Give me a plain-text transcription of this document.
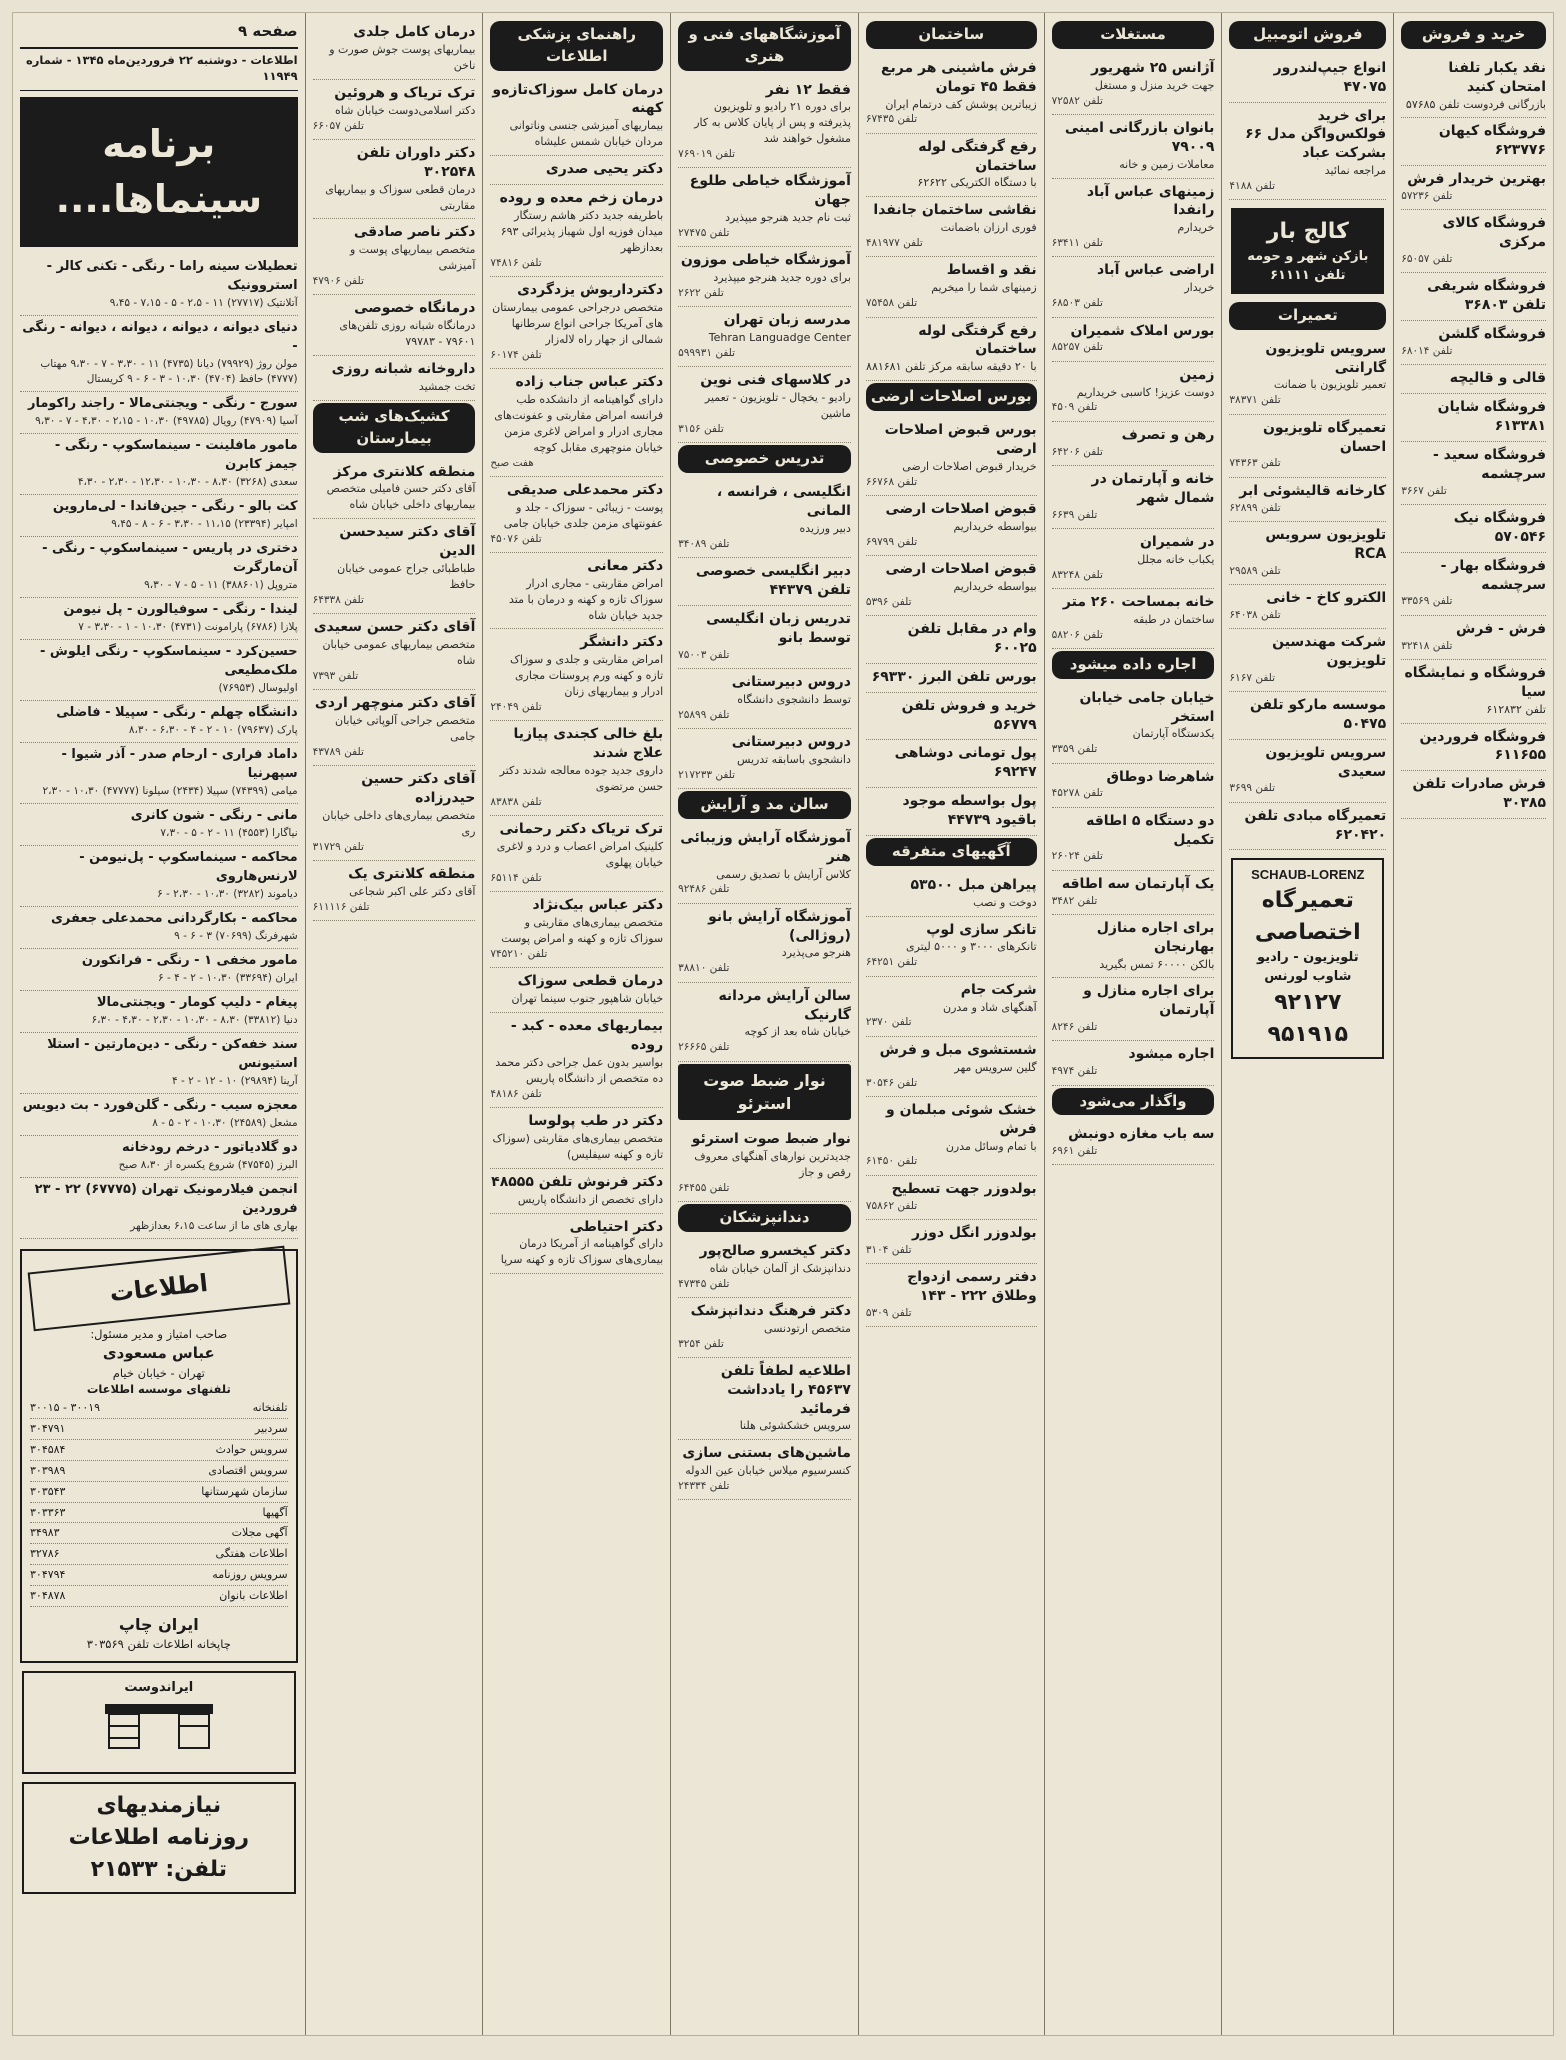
خرید و فروش
نقد یکبار تلفنا امتحان کنید
بازرگانی فردوست تلفن ۵۷۶۸۵
فروشگاه کیهان ۶۲۳۷۷۶
بهترین خریدار فرش
تلفن ۵۷۲۳۶
فروشگاه کالای مرکزی
تلفن ۶۵۰۵۷
فروشگاه شریفی تلفن ۳۶۸۰۳
فروشگاه گلشن
تلفن ۶۸۰۱۴
قالی و قالیچه
فروشگاه شایان ۶۱۳۳۸۱
فروشگاه سعید - سرچشمه
تلفن ۳۶۶۷
فروشگاه نیک ۵۷۰۵۴۶
فروشگاه بهار - سرچشمه
تلفن ۳۳۵۶۹
فرش - فرش
تلفن ۳۲۴۱۸
فروشگاه و نمایشگاه سیا
تلفن ۶۱۲۸۳۲
فروشگاه فروردین ۶۱۱۶۵۵
فرش صادرات تلفن ۳۰۳۸۵
فروش اتومبیل
انواع جیپ‌لندرور ۴۷۰۷۵
برای خرید فولکس‌واگن مدل ۶۶ بشرکت عباد
مراجعه نمائید
تلفن ۴۱۸۸
کالج بار
بازکن شهر و حومه
تلفن ۶۱۱۱۱
تعمیرات
سرویس تلویزیون گارانتی
تعمیر تلویزیون با ضمانت
تلفن ۳۸۳۷۱
تعمیرگاه تلویزیون احسان
تلفن ۷۴۳۶۳
کارخانه قالیشوئی ابر
تلفن ۶۲۸۹۹
تلویزیون سرویس RCA
تلفن ۲۹۵۸۹
الکترو کاخ - خانی
تلفن ۶۴۰۳۸
شرکت مهندسین تلویزیون
تلفن ۶۱۶۷
موسسه مارکو تلفن ۵۰۴۷۵
سرویس تلویزیون سعیدی
تلفن ۳۶۹۹
تعمیرگاه مبادی تلفن ۶۲۰۴۲۰
SCHAUB-LORENZ
تعمیرگاه اختصاصی
تلویزیون - رادیو
شاوب لورنس
۹۲۱۲۷
۹۵۱۹۱۵
مستغلات
آژانس ۲۵ شهریور
جهت خرید منزل و مستغل
تلفن ۷۲۵۸۲
بانوان بازرگانی امینی ۷۹۰۰۹
معاملات زمین و خانه
زمینهای عباس آباد رانفدا
خریدارم
تلفن ۶۳۴۱۱
اراضی عباس آباد
خریدار
تلفن ۶۸۵۰۳
بورس املاک شمیران
تلفن ۸۵۲۵۷
زمین
دوست عزیز! کاسبی خریداریم
تلفن ۴۵۰۹
رهن و تصرف
تلفن ۶۴۲۰۶
خانه و آپارتمان در شمال شهر
تلفن ۶۶۳۹
در شمیران
یکباب خانه مجلل
تلفن ۸۳۲۴۸
خانه بمساحت ۲۶۰ متر
ساختمان در طبقه
تلفن ۵۸۲۰۶
اجاره داده میشود
خیابان جامی خیابان استخر
یکدستگاه آپارتمان
تلفن ۳۳۵۹
شاهرضا دوطاق
تلفن ۴۵۲۷۸
دو دستگاه ۵ اطاقه تکمیل
تلفن ۲۶۰۲۴
یک آپارتمان سه اطاقه
تلفن ۳۴۸۲
برای اجاره منازل بهارنجان
بالکن ۶۰۰۰۰ تمس بگیرید
برای اجاره منازل و آپارتمان
تلفن ۸۲۴۶
اجاره میشود
تلفن ۴۹۷۴
واگذار می‌شود
سه باب مغازه دونبش
تلفن ۶۹۶۱
ساختمان
فرش ماشینی هر مربع فقط ۴۵ تومان
زیباترین پوشش کف درتمام ایران
تلفن ۶۷۴۳۵
رفع گرفتگی لوله ساختمان
با دستگاه الکتریکی ۶۲۶۲۲
نقاشی ساختمان جانفدا
فوری ارزان باضمانت
تلفن ۴۸۱۹۷۷
نقد و اقساط
زمینهای شما را میخریم
تلفن ۷۵۴۵۸
رفع گرفتگی لوله ساختمان
با ۲۰ دقیقه سابقه مرکز تلفن ۸۸۱۶۸۱
بورس اصلاحات ارضی
بورس قبوض اصلاحات ارضی
خریدار قبوض اصلاحات ارضی
تلفن ۶۶۷۶۸
قبوض اصلاحات ارضی
بیواسطه خریداریم
تلفن ۶۹۷۹۹
قبوض اصلاحات ارضی
بیواسطه خریداریم
تلفن ۵۳۹۶
وام در مقابل تلفن ۶۰۰۲۵
بورس تلفن البرز ۶۹۳۳۰
خرید و فروش تلفن ۵۶۷۷۹
پول تومانی دوشاهی ۶۹۲۴۷
پول بواسطه موجود باقیود ۴۴۷۳۹
آگهیهای متفرقه
پیراهن مبل ۵۳۵۰۰
دوخت و نصب
تانکر سازی لوپ
تانکرهای ۳۰۰۰ و ۵۰۰۰ لیتری
تلفن ۶۴۲۵۱
شرکت جام
آهنگهای شاد و مدرن
تلفن ۲۳۷۰
شستشوی مبل و فرش
گلین سرویس مهر
تلفن ۳۰۵۴۶
خشک شوئی مبلمان و فرش
با تمام وسائل مدرن
تلفن ۶۱۴۵۰
بولدوزر جهت تسطیح
تلفن ۷۵۸۶۲
بولدوزر انگل دوزر
تلفن ۳۱۰۴
دفتر رسمی ازدواج وطلاق ۲۲۲ - ۱۴۳
تلفن ۵۳۰۹
آموزشگاههای فنی و هنری
فقط ۱۲ نفر
برای دوره ۲۱ رادیو و تلویزیون پذیرفته و پس از پایان کلاس به کار مشغول خواهند شد
تلفن ۷۶۹۰۱۹
آموزشگاه خیاطی طلوع جهان
ثبت نام جدید هنرجو میپذیرد
تلفن ۲۷۴۷۵
آموزشگاه خیاطی موزون
برای دوره جدید هنرجو میپذیرد
تلفن ۲۶۲۲
مدرسه زبان تهران
Tehran Languadge Center
تلفن ۵۹۹۹۳۱
در کلاسهای فنی نوین
رادیو - یخچال - تلویزیون - تعمیر ماشین
تلفن ۳۱۵۶
تدریس خصوصی
انگلیسی ، فرانسه ، المانی
دبیر ورزیده
تلفن ۳۴۰۸۹
دبیر انگلیسی خصوصی تلفن ۴۴۳۷۹
تدریس زبان انگلیسی توسط بانو
تلفن ۷۵۰۰۳
دروس دبیرستانی
توسط دانشجوی دانشگاه
تلفن ۲۵۸۹۹
دروس دبیرستانی
دانشجوی باسابقه تدریس
تلفن ۲۱۷۲۳۳
سالن مد و آرایش
آموزشگاه آرایش وزیبائی هنر
کلاس آرایش با تصدیق رسمی
تلفن ۹۲۴۸۶
آموزشگاه آرایش بانو (روژالی)
هنرجو می‌پذیرد
تلفن ۳۸۸۱۰
سالن آرایش مردانه گارنیک
خیابان شاه بعد از کوچه
تلفن ۲۶۶۶۵
نوار ضبط صوت استرئو
نوار ضبط صوت استرئو
جدیدترین نوارهای آهنگهای معروف رقص و جاز
تلفن ۶۴۴۵۵
دندانپزشکان
دکتر کیخسرو صالح‌پور
دندانپزشک از آلمان خیابان شاه
تلفن ۴۷۳۴۵
دکتر فرهنگ دندانپزشک
متخصص ارتودنسی
تلفن ۳۲۵۴
اطلاعیه لطفاً تلفن ۴۵۶۳۷ را یادداشت فرمائید
سرویس خشکشوئی هلنا
ماشین‌های بستنی سازی
کنسرسیوم میلاس خیابان عین الدوله
تلفن ۲۴۳۳۴
راهنمای پزشکی اطلاعات
درمان کامل سوزاک‌تازه‌و کهنه
بیماریهای آمیزشی جنسی وناتوانی مردان خیابان شمس علیشاه
دکتر یحیی صدری
درمان زخم معده و روده
باطریفه جدید دکتر هاشم رستگار میدان فوزیه اول شهباز پذیرائی ۶۹۳ بعدازظهر
تلفن ۷۴۸۱۶
دکترداریوش یزدگردی
متخصص درجراحی عمومی بیمارستان های آمریکا جراحی انواع سرطانها شمالی از جهار راه لاله‌زار
تلفن ۶۰۱۷۴
دکتر عباس جناب زاده
دارای گواهینامه از دانشکده طب فرانسه امراض مقاربتی و عفونت‌های مجاری ادرار و امراض لاغری مزمن خیابان منوچهری مقابل کوچه
هفت صبح
دکتر محمدعلی صدیقی
پوست - زیبائی - سوزاک - جلد و عفونتهای مزمن جلدی خیابان جامی
تلفن ۴۵۰۷۶
دکتر معانی
امراض مقاربتی - مجاری ادرار سوزاک تازه و کهنه و درمان با متد جدید خیابان شاه
دکتر دانشگر
امراض مقاربتی و جلدی و سوزاک تازه و کهنه ورم پروستات مجاری ادرار و بیماریهای زنان
تلفن ۲۴۰۴۹
بلغ خالی کجندی پیازیا علاج شدند
داروی جدید جوده معالجه شدند دکتر حسن مرتضوی
تلفن ۸۳۸۳۸
ترک تریاک دکتر رحمانی
کلینیک امراض اعصاب و درد و لاغری خیابان پهلوی
تلفن ۶۵۱۱۴
دکتر عباس بیک‌نژاد
متخصص بیماری‌های مقاربتی و سوزاک تازه و کهنه و امراض پوست
تلفن ۷۴۵۲۱۰
درمان قطعی سوزاک
خیابان شاهپور جنوب سینما تهران
بیماریهای معده - کبد - روده
بواسیر بدون عمل جراحی دکتر محمد ده متخصص از دانشگاه پاریس
تلفن ۴۸۱۸۶
دکتر در طب پولوسا
متخصص بیماری‌های مقاربتی (سوزاک تازه و کهنه سیفلیس)
دکتر فرنوش تلفن ۴۸۵۵۵
دارای تخصص از دانشگاه پاریس
دکتر احتیاطی
دارای گواهینامه از آمریکا درمان بیماری‌های سوزاک تازه و کهنه سرپا
درمان کامل جلدی
بیماریهای پوست جوش صورت و ناخن
ترک تریاک و هروئین
دکتر اسلامی‌دوست خیابان شاه
تلفن ۶۶۰۵۷
دکتر داوران تلفن ۳۰۲۵۴۸
درمان قطعی سوزاک و بیماریهای مقاربتی
دکتر ناصر صادقی
متخصص بیماریهای پوست و آمیزشی
تلفن ۴۷۹۰۶
درمانگاه خصوصی
درمانگاه شبانه روزی تلفن‌های ۷۹۶۰۱ - ۷۹۷۸۳
داروخانه شبانه روزی
تخت جمشید
کشیک‌های شب بیمارستان
منطقه کلانتری مرکز
آقای دکتر حسن فامیلی متخصص بیماریهای داخلی خیابان شاه
آقای دکتر سیدحسن الدین
طباطبائی جراح عمومی خیابان حافظ
تلفن ۶۴۳۳۸
آقای دکتر حسن سعیدی
متخصص بیماریهای عمومی خیابان شاه
تلفن ۷۳۹۳
آقای دکتر منوچهر اردی
متخصص جراحی آلوپاتی خیابان جامی
تلفن ۴۳۷۸۹
آقای دکتر حسین حیدرزاده
متخصص بیماری‌های داخلی خیابان ری
تلفن ۳۱۷۲۹
منطقه کلانتری یک
آقای دکتر علی اکبر شجاعی
تلفن ۶۱۱۱۱۶
صفحه ۹
اطلاعات - دوشنبه ۲۲ فروردین‌ماه ۱۳۴۵ - شماره ۱۱۹۴۹
برنامه سینماها....
تعطیلات سینه راما - رنگی - تکنی کالر - استروونیک
آتلانتیک (۲۷۷۱۷) ۱۱ - ۲،۵ - ۵ - ۷،۱۵ - ۹،۴۵
دنیای دیوانه ، دیوانه ، دیوانه ، دیوانه - رنگی -
مولن روژ (۷۹۹۲۹) دیانا (۴۷۳۵) ۱۱ - ۳،۳۰ - ۷ - ۹،۳۰ مهتاب (۴۷۷۷) حافظ (۴۷۰۴) ۱۰،۳۰ - ۳ - ۶ - ۹ کریستال
سورج - رنگی - ویجنتی‌مالا - راجند راکومار
آسیا (۴۷۹۰۹) رویال (۴۹۷۸۵) ۱۰،۳۰ - ۲،۱۵ - ۴،۳۰ - ۷ - ۹،۳۰
مامور مافلینت - سینماسکوپ - رنگی - جیمز کابرن
سعدی (۳۲۶۸) ۸،۳۰ - ۱۰،۳۰ - ۱۲،۳۰ - ۲،۳۰ - ۴،۳۰
کت بالو - رنگی - جین‌فاندا - لی‌ماروین
امپایر (۲۳۳۹۴) ۱۱،۱۵ - ۳،۳۰ - ۶ - ۸ - ۹،۴۵
دختری در پاریس - سینماسکوپ - رنگی - آن‌مارگرت
متروپل (۳۸۸۶۰۱) ۱۱ - ۵ - ۷ - ۹،۳۰
لیندا - رنگی - سوفیالورن - پل نیومن
پلازا (۶۷۸۶) پارامونت (۴۷۳۱) ۱۰،۳۰ - ۱ - ۳،۳۰ - ۷
حسین‌کرد - سینماسکوپ - رنگی ایلوش - ملک‌مطیعی
اولیوسال (۷۶۹۵۳)
دانشگاه چهلم - رنگی - سپیلا - فاضلی
پارک (۷۹۶۳۷) ۱۰ - ۲ - ۴ - ۶،۳۰ - ۸،۳۰
داماد فراری - ارحام صدر - آذر شیوا - سپهرنیا
میامی (۷۴۳۹۹) سپیلا (۲۴۳۴) سیلونا (۴۷۷۷۷) ۱۰،۳۰ - ۲،۳۰
مانی - رنگی - شون کانری
نیاگارا (۴۵۵۳) ۱۱ - ۲ - ۵ - ۷،۳۰
محاکمه - سینماسکوپ - پل‌نیومن - لارنس‌هاروی
دیاموند (۳۲۸۲) ۱۰،۳۰ - ۲،۳۰ - ۶
محاکمه - بکارگردانی محمدعلی جعفری
شهرفرنگ (۷۰۶۹۹) ۳ - ۶ - ۹
مامور مخفی ۱ - رنگی - فرانکورن
ایران (۳۳۶۹۴) ۱۰،۳۰ - ۲ - ۴ - ۶
پیغام - دلیپ کومار - ویجنتی‌مالا
دنیا (۳۳۸۱۲) ۸،۳۰ - ۱۰،۳۰ - ۲،۳۰ - ۴،۳۰ - ۶،۳۰
سند خفه‌کن - رنگی - دین‌مارتین - استلا استیونس
آرینا (۲۹۸۹۴) ۱۰ - ۱۲ - ۲ - ۴
معجزه سیب - رنگی - گلن‌فورد - بت دیویس
مشعل (۲۴۵۸۹) ۱۰،۳۰ - ۲ - ۵ - ۸
دو گلادیاتور - درخم رودخانه
البرز (۴۷۵۴۵) شروع یکسره از ۸،۳۰ صبح
انجمن فیلارمونیک تهران (۶۷۷۷۵) ۲۲ - ۲۳ فروردین
بهاری های ما از ساعت ۶،۱۵ بعدازظهر
اطلاعات
صاحب امتیاز و مدیر مسئول:
عباس مسعودی
تهران - خیابان خیام
تلفنهای موسسه اطلاعات
تلفنخانه
۳۰۰۱۹ - ۳۰۰۱۵
سردبیر
۳۰۴۷۹۱
سرویس حوادث
۳۰۴۵۸۴
سرویس اقتصادی
۳۰۳۹۸۹
سازمان شهرستانها
۳۰۳۵۴۳
آگهیها
۳۰۳۳۶۳
آگهی مجلات
۳۴۹۸۳
اطلاعات هفتگی
۳۲۷۸۶
سرویس روزنامه
۳۰۴۷۹۴
اطلاعات بانوان
۳۰۴۸۷۸
ایران چاپ
چاپخانه اطلاعات تلفن ۳۰۳۵۶۹
ایراندوست
نیازمندیهای
روزنامه اطلاعات
تلفن: ۲۱۵۳۳
